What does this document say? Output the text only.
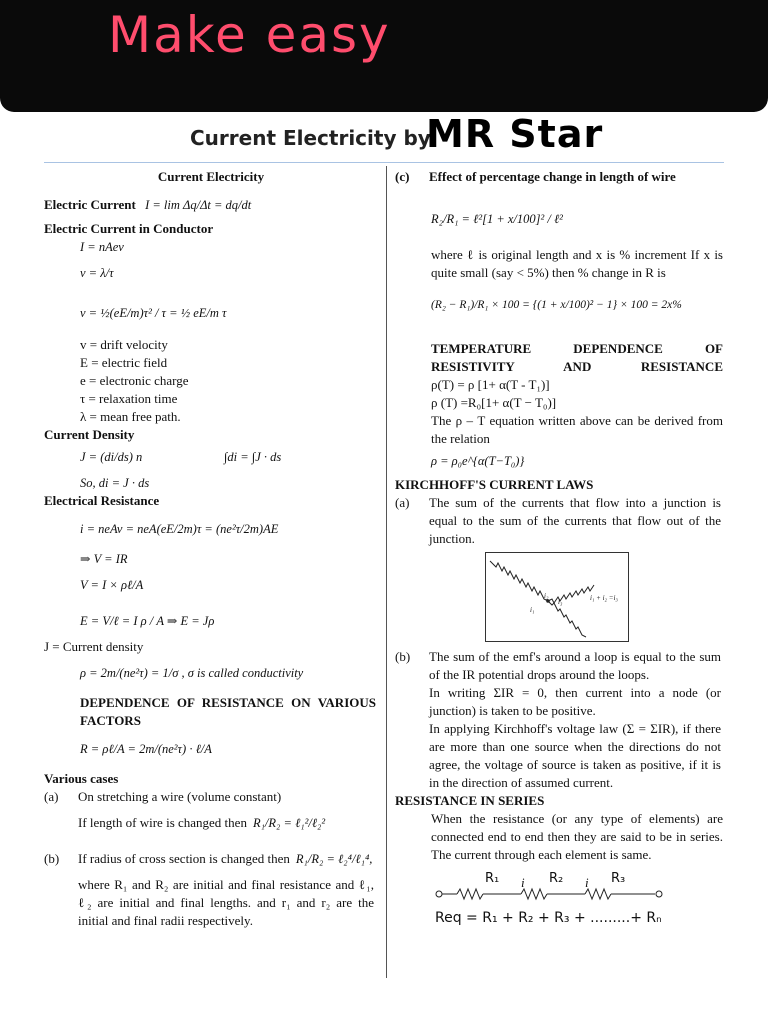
Make easy
Current Electricity by
MR Star
Current Electricity
Electric Current I = lim Δq/Δt = dq/dt
Electric Current in Conductor
I = nAev
v = λ/τ
v = ½(eE/m)τ² / τ = ½ eE/m τ
v = drift velocity
E = electric field
e = electronic charge
τ = relaxation time
λ = mean free path.
Current Density
J = (di/ds) n	∫di = ∫J · ds
So, di = J · ds
Electrical Resistance
i = neAv = neA(eE/2m)τ = (ne²τ/2m)AE
⇒ V = IR
V = I × ρℓ/A
E = V/ℓ = I ρ / A ⇒ E = Jρ
J = Current density
ρ = 2m/(ne²τ) = 1/σ , σ is called conductivity
DEPENDENCE OF RESISTANCE ON VARIOUS FACTORS
R = ρℓ/A = 2m/(ne²τ) · ℓ/A
Various cases
(a)	On stretching a wire (volume constant)
If length of wire is changed then R₁/R₂ = ℓ₁²/ℓ₂²
(b)	If radius of cross section is changed then R₁/R₂ = ℓ₂⁴/ℓ₁⁴,
where R₁ and R₂ are initial and final resistance and ℓ₁, ℓ₂ are initial and final lengths. and r₁ and r₂ are the initial and final radii respectively.
(c)	Effect of percentage change in length of wire
R₂/R₁ = ℓ²[1 + x/100]² / ℓ²
where ℓ is original length and x is % increment If x is quite small (say < 5%) then % change in R is
(R₂ − R₁)/R₁ × 100 = {(1 + x/100)² − 1} × 100 = 2x%
TEMPERATURE DEPENDENCE OF RESISTIVITY AND RESISTANCE
ρ(T) = ρ [1+ α(T - T₁)]
ρ (T) =R₀[1+ α(T − T₀)]
The ρ – T equation written above can be derived from the relation
ρ = ρ₀e^{α(T−T₀)}
KIRCHHOFF'S CURRENT LAWS
(a)	The sum of the currents that flow into a junction is equal to the sum of the currents that flow out of the junction.
i₁
i₂
i₃	i₁ + i₂ =i₃
(b)	The sum of the emf's around a loop is equal to the sum of the IR potential drops around the loops.
In writing ΣIR = 0, then current into a node (or junction) is taken to be positive.
In applying Kirchhoff's voltage law (Σ = ΣIR), if there are more than one source when the directions do not agree, the voltage of source is taken as positive, if it is in the direction of assumed current.
RESISTANCE IN SERIES
When the resistance (or any type of elements) are connected end to end then they are said to be in series. The current through each element is same.
R₁ i R₂ i R₃
Req = R₁ + R₂ + R₃ + .........+ Rₙ
